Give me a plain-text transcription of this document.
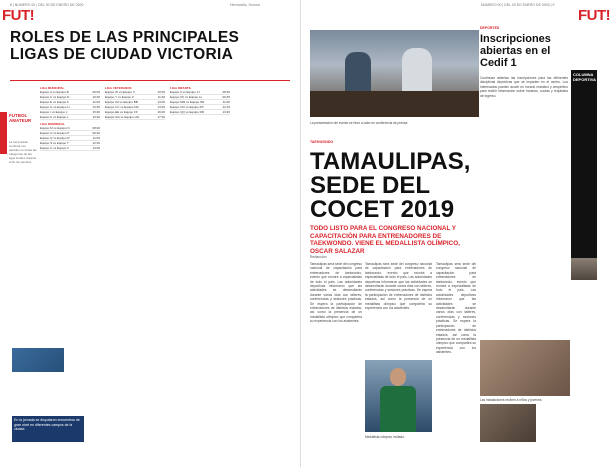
8 | NUMERO 00 | DEL 00 DE ENERO DE 0000	Hermosillo, Sonora
FUT!
ROLES DE LAS PRINCIPALES LIGAS DE CIUDAD VICTORIA
FUTBOL AMATEUR
La temporada continúa con partidos en todas las categorías de las ligas locales durante el fin de semana.
LIGA MUNICIPAL
Equipo A vs Equipo B	09:00
Equipo C vs Equipo D	10:30
Equipo E vs Equipo F	12:00
Equipo G vs Equipo H	13:30
Equipo I vs Equipo J	15:00
Equipo K vs Equipo L	16:30
LIGA DOMINICAL
Equipo M vs Equipo N	08:00
Equipo O vs Equipo P	09:30
Equipo Q vs Equipo R	11:00
Equipo S vs Equipo T	12:30
Equipo U vs Equipo V	14:00
LIGA VETERANOS
Equipo W vs Equipo X	10:00
Equipo Y vs Equipo Z	11:30
Equipo AA vs Equipo BB	13:00
Equipo CC vs Equipo DD	14:30
Equipo EE vs Equipo FF	16:00
Equipo GG vs Equipo HH	17:30
LIGA INFANTIL
Equipo II vs Equipo JJ	08:30
Equipo KK vs Equipo LL	09:45
Equipo MM vs Equipo NN	11:00
Equipo OO vs Equipo PP	12:15
Equipo QQ vs Equipo RR	13:30
En la jornada se disputaron encuentros de gran nivel en diferentes campos de la ciudad.
NUMERO 00 | DEL 00 DE ENERO DE 0000 | 9
FUT!
La presentación del evento se llevó a cabo en conferencia de prensa.
TAEKWONDO
TAMAULIPAS, SEDE DEL COCET 2019
TODO LISTO PARA EL CONGRESO NACIONAL Y CAPACITACIÓN PARA ENTRENADORES DE TAEKWONDO. VIENE EL MEDALLISTA OLÍMPICO, OSCAR SALAZAR
Redacción
Tamaulipas será sede del congreso nacional de capacitación para entrenadores de taekwondo, evento que reunirá a especialistas de todo el país. Las autoridades deportivas informaron que las actividades se desarrollarán durante varios días con talleres, conferencias y sesiones prácticas. Se espera la participación de entrenadores de distintos estados, así como la presencia de un medallista olímpico que compartirá su experiencia con los asistentes.
Tamaulipas será sede del congreso nacional de capacitación para entrenadores de taekwondo, evento que reunirá a especialistas de todo el país. Las autoridades deportivas informaron que las actividades se desarrollarán durante varios días con talleres, conferencias y sesiones prácticas. Se espera la participación de entrenadores de distintos estados, así como la presencia de un medallista olímpico que compartirá su experiencia con los asistentes.
Tamaulipas será sede del congreso nacional de capacitación para entrenadores de taekwondo, evento que reunirá a especialistas de todo el país. Las autoridades deportivas informaron que las actividades se desarrollarán durante varios días con talleres, conferencias y sesiones prácticas. Se espera la participación de entrenadores de distintos estados, así como la presencia de un medallista olímpico que compartirá su experiencia con los asistentes.
Medallista olímpico invitado.
DEPORTES
Inscripciones abiertas en el Cedif 1
Continúan abiertas las inscripciones para las diferentes disciplinas deportivas que se imparten en el centro. Los interesados pueden acudir en horario matutino y vespertino para recibir información sobre horarios, cuotas y requisitos de ingreso.
Las instalaciones reciben a niños y jóvenes.
COLUMNA DEPORTIVA
